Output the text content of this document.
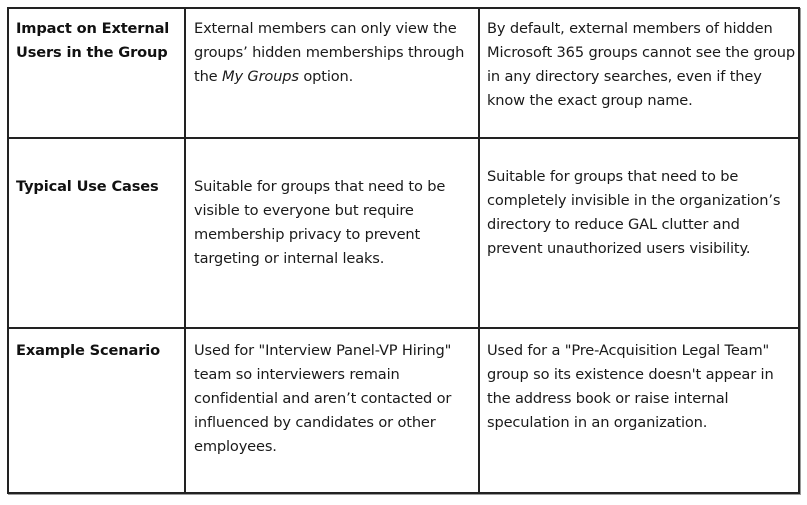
Impact on External Users in the Group
External members can only view the groups’ hidden memberships through the My Groups option.
By default, external members of hidden Microsoft 365 groups cannot see the group in any directory searches, even if they know the exact group name.
Typical Use Cases	Suitable for groups that need to be visible to everyone but require membership privacy to prevent targeting or internal leaks.
Suitable for groups that need to be completely invisible in the organization’s directory to reduce GAL clutter and prevent unauthorized users visibility.
Example Scenario	Used for "Interview Panel-VP Hiring" team so interviewers remain confidential and aren’t contacted or influenced by candidates or other employees.
Used for a "Pre-Acquisition Legal Team" group so its existence doesn't appear in the address book or raise internal speculation in an organization.
